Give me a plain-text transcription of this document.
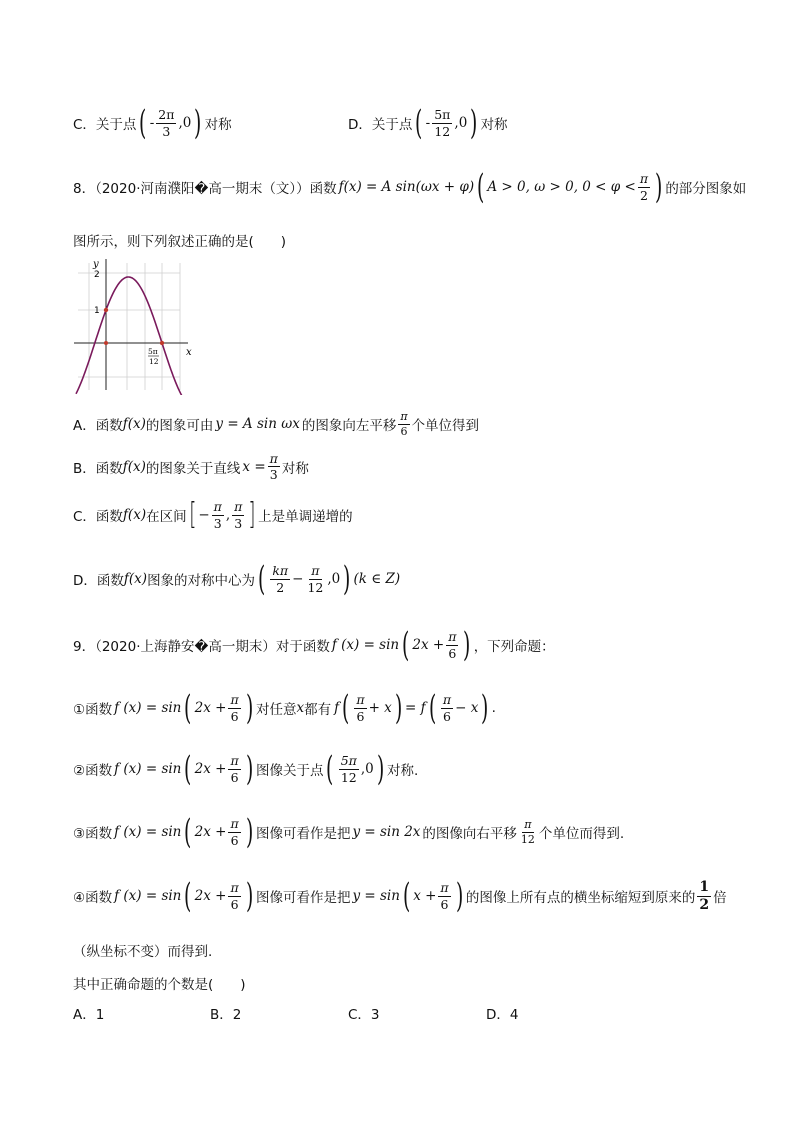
C．关于点 ( - $\frac{2\pi}{3} ,0$ ) 对称	D．关于点 ( - $\frac{5\pi}{12} ,0$ ) 对称
8．（2020·河南濮阳�高一期末（文））函数 f(x) = A sin(ωx + φ) ( A > 0, ω > 0, $0 < \varphi < \frac{\pi}{2}$ ) 的部分图象如
图所示，则下列叙述正确的是(　　)
y
x
2
1
5π
12
A．函数 f(x) 的图象可由 y = A sin ωx 的图象向左平移 $\frac{\pi}{6}$ 个单位得到
B．函数 f(x) 的图象关于直线 $x = \frac{\pi}{3}$ 对称
C．函数 f(x) 在区间 [ − $\frac{\pi}{3}$ , $\frac{\pi}{3}$ ] 上是单调递增的
D．函数 f(x) 图象的对称中心为 ( $\frac{k\pi}{2} - \frac{\pi}{12} ,0$ ) (k ∈ Z)
9．（2020·上海静安�高一期末）对于函数 f (x) = sin ( $2x + \frac{\pi}{6}$ ) ，下列命题：
①函数 f (x) = sin ( $2x + \frac{\pi}{6}$ ) 对任意 x 都有 f ( $\frac{\pi}{6} + x$ ) = f ( $\frac{\pi}{6} - x$ ) .
②函数 f (x) = sin ( $2x + \frac{\pi}{6}$ ) 图像关于点 ( $\frac{5\pi}{12} ,0$ ) 对称.
③函数 f (x) = sin ( $2x + \frac{\pi}{6}$ ) 图像可看作是把 y = sin 2x 的图像向右平移 $\frac{\pi}{12}$ 个单位而得到.
④函数 f (x) = sin ( $2x + \frac{\pi}{6}$ ) 图像可看作是把 y = sin ( $x + \frac{\pi}{6}$ ) 的图像上所有点的横坐标缩短到原来的 $\frac{1}{2}$ 倍
（纵坐标不变）而得到.
其中正确命题的个数是(　　)
A．1	B．2	C．3	D．4
